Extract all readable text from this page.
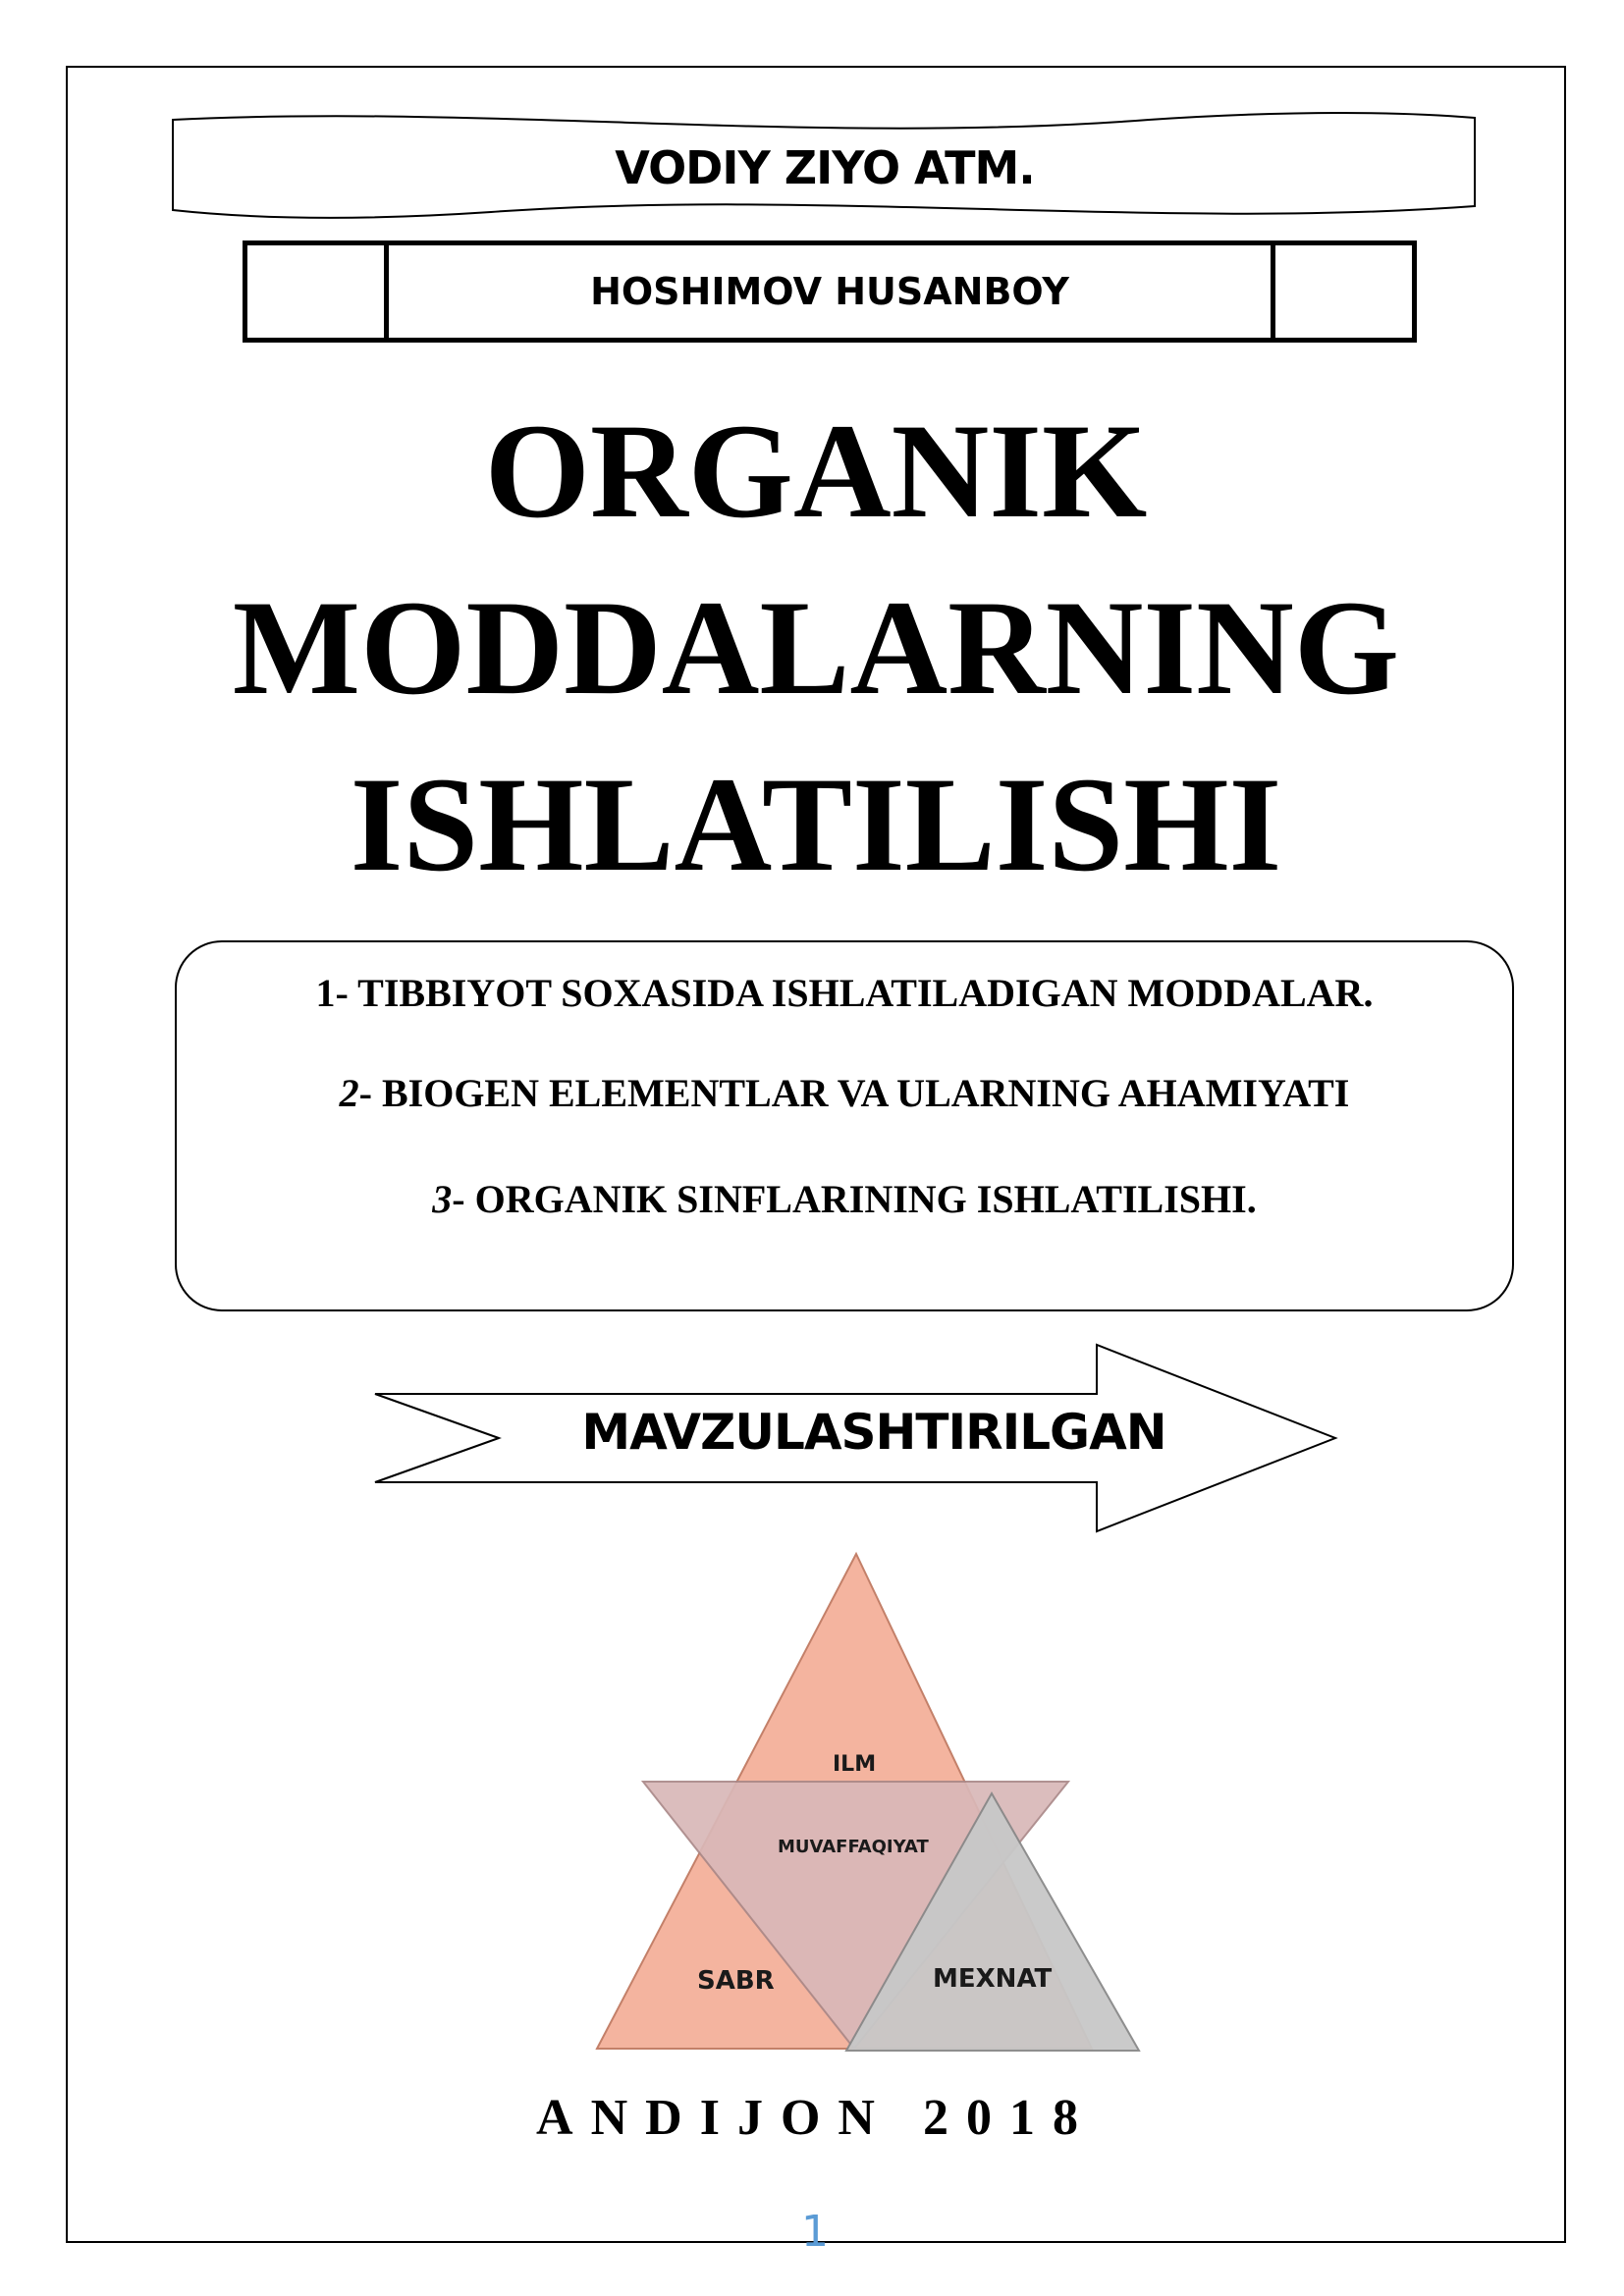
VODIY ZIYO ATM.
HOSHIMOV HUSANBOY
ORGANIK
MODDALARNING
ISHLATILISHI
1- TIBBIYOT SOXASIDA ISHLATILADIGAN MODDALAR.
2- BIOGEN ELEMENTLAR VA ULARNING AHAMIYATI
3- ORGANIK SINFLARINING ISHLATILISHI.
MAVZULASHTIRILGAN
ILM
MUVAFFAQIYAT
SABR	MEXNAT
ANDIJON 2018
1
